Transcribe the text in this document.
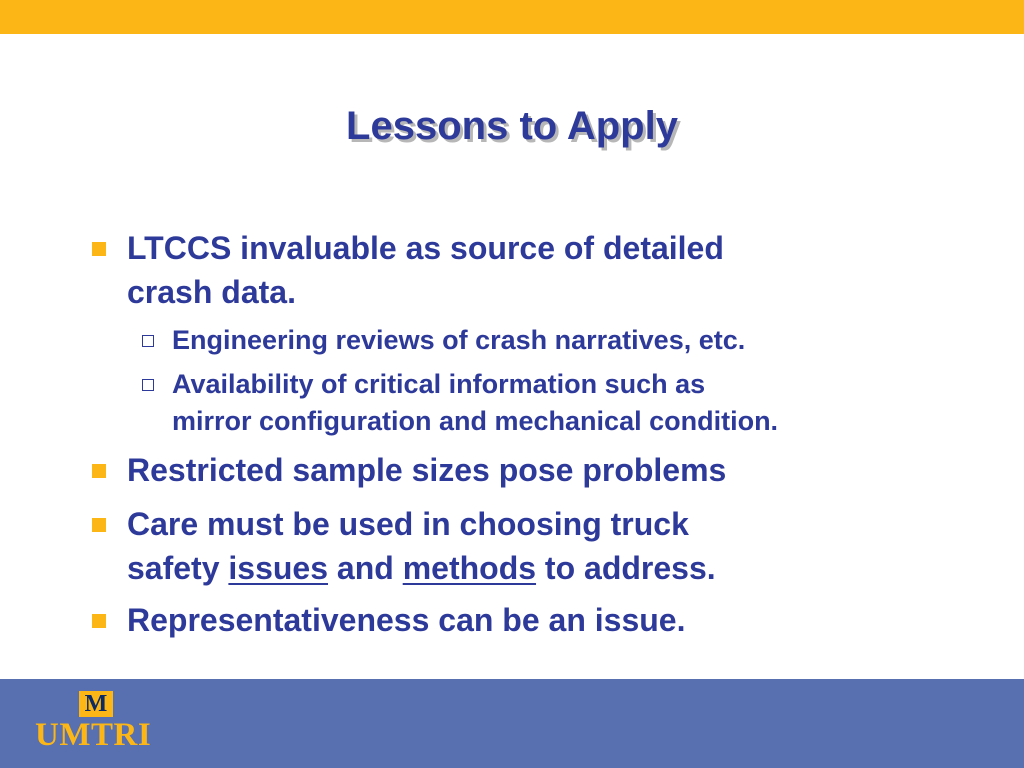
Lessons to Apply
LTCCS invaluable as source of detailed
crash data.
Engineering reviews of crash narratives, etc.
Availability of critical information such as
mirror configuration and mechanical condition.
Restricted sample sizes pose problems
Care must be used in choosing truck
safety issues and methods to address.
Representativeness can be an issue.
M
UMTRI
